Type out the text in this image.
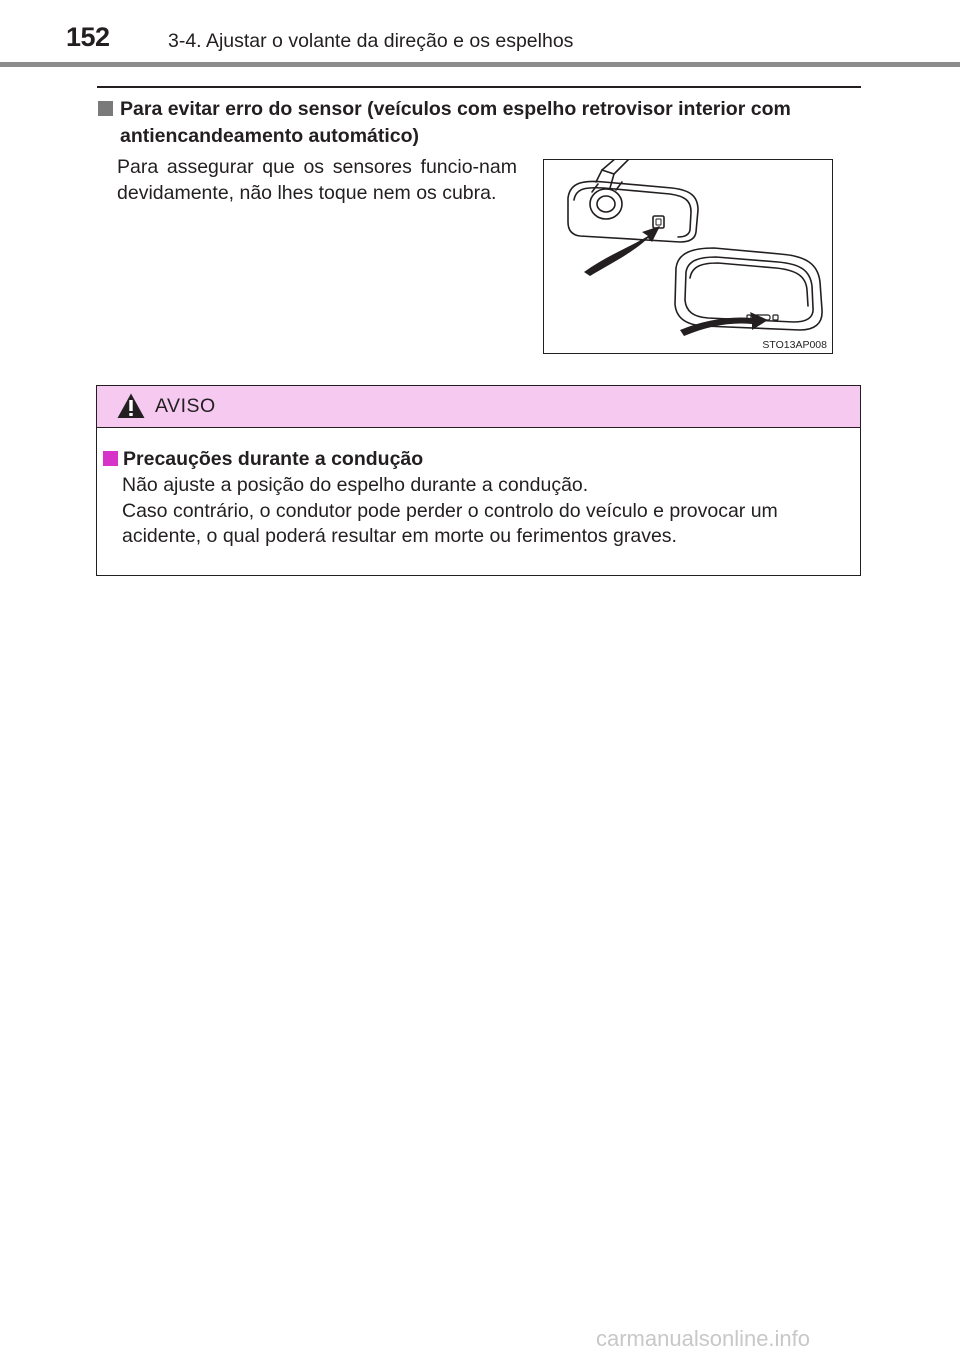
152	3-4. Ajustar o volante da direção e os espelhos
Para evitar erro do sensor (veículos com espelho retrovisor interior com antiencandeamento automático)
Para assegurar que os sensores funcio-nam devidamente, não lhes toque nem os cubra.
STO13AP008
AVISO
Precauções durante a condução
Não ajuste a posição do espelho durante a condução.
Caso contrário, o condutor pode perder o controlo do veículo e provocar um
acidente, o qual poderá resultar em morte ou ferimentos graves.
carmanualsonline.info
